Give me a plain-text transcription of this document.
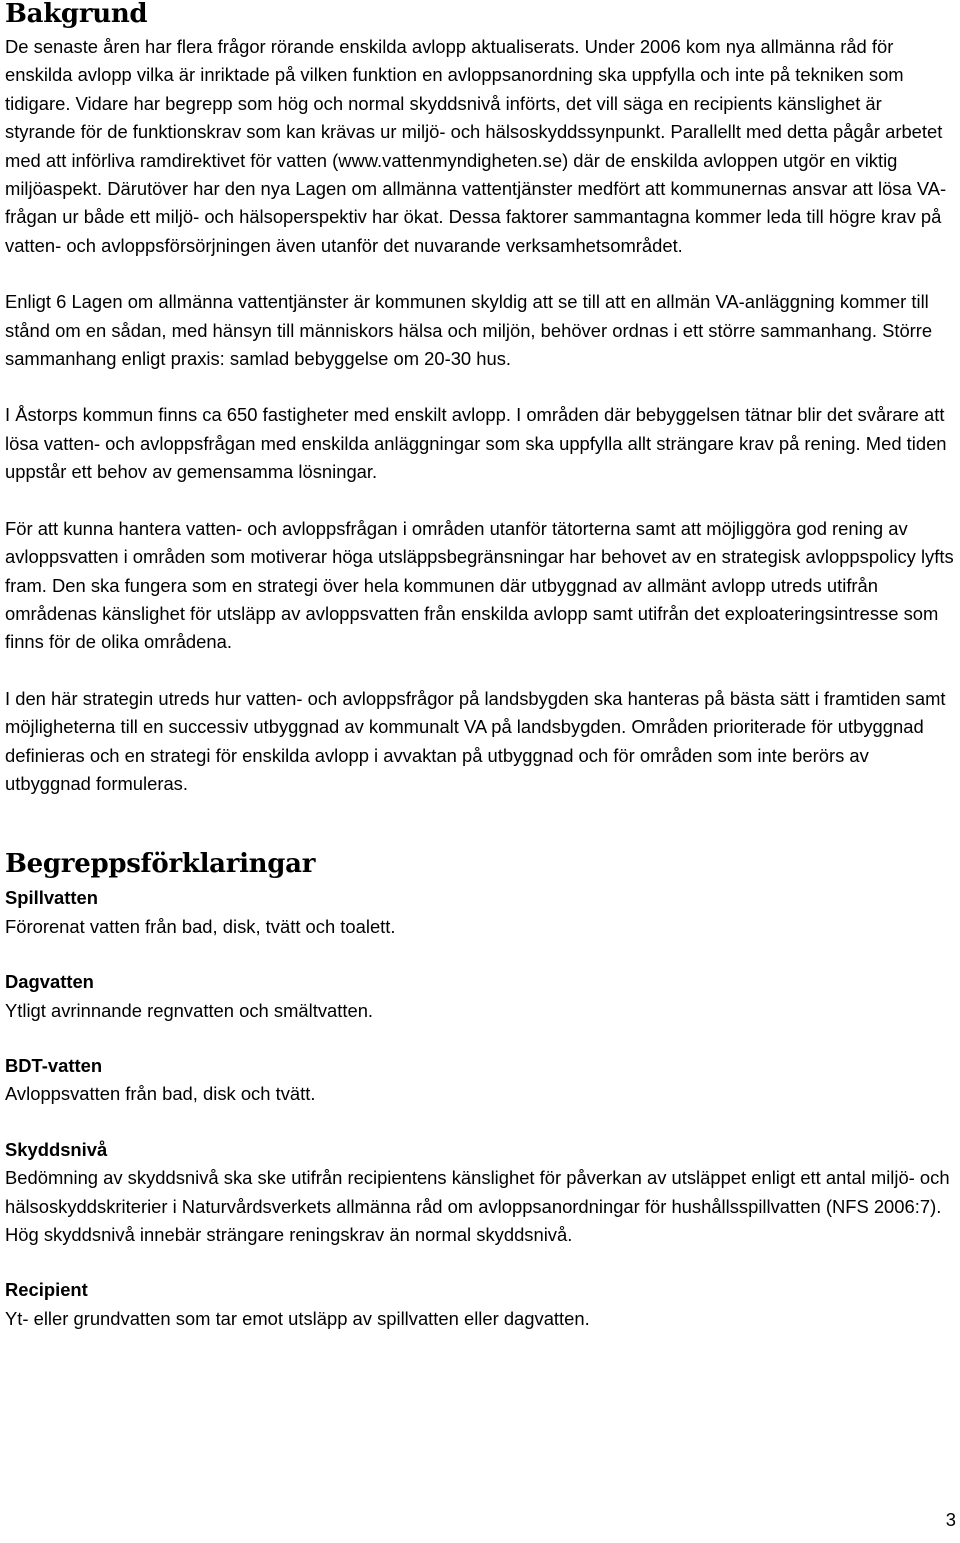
Bakgrund

De senaste åren har flera frågor rörande enskilda avlopp aktualiserats. Under 2006 kom nya allmänna råd för enskilda avlopp vilka är inriktade på vilken funktion en avloppsanordning ska uppfylla och inte på tekniken som tidigare. Vidare har begrepp som hög och normal skyddsnivå införts, det vill säga en recipients känslighet är styrande för de funktionskrav som kan krävas ur miljö- och hälsoskyddssynpunkt. Parallellt med detta pågår arbetet med att införliva ramdirektivet för vatten (www.vattenmyndigheten.se) där de enskilda avloppen utgör en viktig miljöaspekt. Därutöver har den nya Lagen om allmänna vattentjänster medfört att kommunernas ansvar att lösa VA-frågan ur både ett miljö- och hälsoperspektiv har ökat. Dessa faktorer sammantagna kommer leda till högre krav på vatten- och avloppsförsörjningen även utanför det nuvarande verksamhetsområdet.

Enligt 6 Lagen om allmänna vattentjänster är kommunen skyldig att se till att en allmän VA-anläggning kommer till stånd om en sådan, med hänsyn till människors hälsa och miljön, behöver ordnas i ett större sammanhang. Större sammanhang enligt praxis: samlad bebyggelse om 20-30 hus.

I Åstorps kommun finns ca 650 fastigheter med enskilt avlopp. I områden där bebyggelsen tätnar blir det svårare att lösa vatten- och avloppsfrågan med enskilda anläggningar som ska uppfylla allt strängare krav på rening. Med tiden uppstår ett behov av gemensamma lösningar.

För att kunna hantera vatten- och avloppsfrågan i områden utanför tätorterna samt att möjliggöra god rening av avloppsvatten i områden som motiverar höga utsläppsbegränsningar har behovet av en strategisk avloppspolicy lyfts fram. Den ska fungera som en strategi över hela kommunen där utbyggnad av allmänt avlopp utreds utifrån områdenas känslighet för utsläpp av avloppsvatten från enskilda avlopp samt utifrån det exploateringsintresse som finns för de olika områdena.

I den här strategin utreds hur vatten- och avloppsfrågor på landsbygden ska hanteras på bästa sätt i framtiden samt möjligheterna till en successiv utbyggnad av kommunalt VA på landsbygden. Områden prioriterade för utbyggnad definieras och en strategi för enskilda avlopp i avvaktan på utbyggnad och för områden som inte berörs av utbyggnad formuleras.

Begreppsförklaringar
Spillvatten
Förorenat vatten från bad, disk, tvätt och toalett.
Dagvatten
Ytligt avrinnande regnvatten och smältvatten.
BDT-vatten
Avloppsvatten från bad, disk och tvätt.
Skyddsnivå
Bedömning av skyddsnivå ska ske utifrån recipientens känslighet för påverkan av utsläppet enligt ett antal miljö- och hälsoskyddskriterier i Naturvårdsverkets allmänna råd om avloppsanordningar för hushållsspillvatten (NFS 2006:7). Hög skyddsnivå innebär strängare reningskrav än normal skyddsnivå.
Recipient
Yt- eller grundvatten som tar emot utsläpp av spillvatten eller dagvatten.
3
